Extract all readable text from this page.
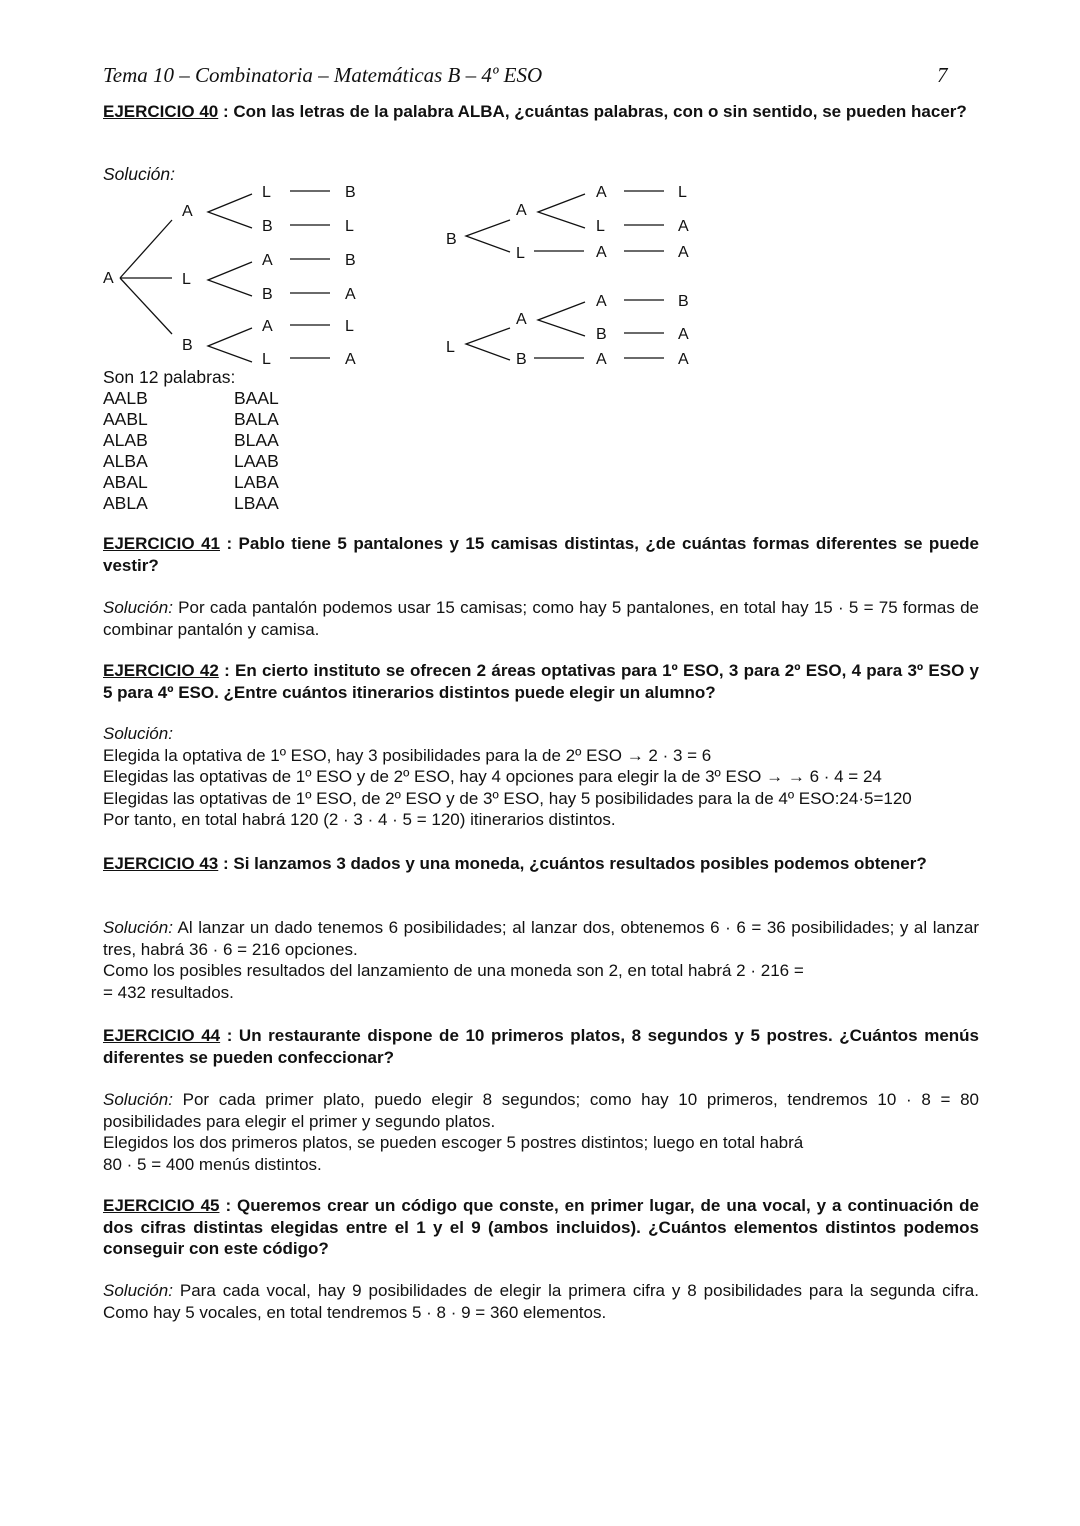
Tema 10 – Combinatoria – Matemáticas B – 4º ESO	7
EJERCICIO 40 : Con las letras de la palabra ALBA, ¿cuántas palabras, con o sin sentido, se pueden hacer?
Solución:
A
A
L
B
L
B
A
B
A
L
B
L
B
A
L
A
B
A
L
A
L
A
L
A
A
L
A
B
A
B
A
B
A
A
Son 12 palabras:
AALB
AABL
ALAB
ALBA
ABAL
ABLA
BAAL
BALA
BLAA
LAAB
LABA
LBAA
EJERCICIO 41 : Pablo tiene 5 pantalones y 15 camisas distintas, ¿de cuántas formas diferentes se puede vestir?
Solución: Por cada pantalón podemos usar 15 camisas; como hay 5 pantalones, en total hay 15 · 5 = 75 formas de combinar pantalón y camisa.
EJERCICIO 42 : En cierto instituto se ofrecen 2 áreas optativas para 1º ESO, 3 para 2º ESO, 4 para 3º ESO y 5 para 4º ESO. ¿Entre cuántos itinerarios distintos puede elegir un alumno?
Solución:
Elegida la optativa de 1º ESO, hay 3 posibilidades para la de 2º ESO → 2 · 3 = 6
Elegidas las optativas de 1º ESO y de 2º ESO, hay 4 opciones para elegir la de 3º ESO → → 6 · 4 = 24
Elegidas las optativas de 1º ESO, de 2º ESO y de 3º ESO, hay 5 posibilidades para la de 4º ESO:24·5=120
Por tanto, en total habrá 120 (2 · 3 · 4 · 5 = 120) itinerarios distintos.
EJERCICIO 43 : Si lanzamos 3 dados y una moneda, ¿cuántos resultados posibles podemos obtener?
Solución: Al lanzar un dado tenemos 6 posibilidades; al lanzar dos, obtenemos 6 · 6 = 36 posibilidades; y al lanzar tres, habrá 36 · 6 = 216 opciones.
Como los posibles resultados del lanzamiento de una moneda son 2, en total habrá 2 · 216 =
= 432 resultados.
EJERCICIO 44 : Un restaurante dispone de 10 primeros platos, 8 segundos y 5 postres. ¿Cuántos menús diferentes se pueden confeccionar?
Solución: Por cada primer plato, puedo elegir 8 segundos; como hay 10 primeros, tendremos 10 · 8 = 80 posibilidades para elegir el primer y segundo platos.
Elegidos los dos primeros platos, se pueden escoger 5 postres distintos; luego en total habrá
80 · 5 = 400 menús distintos.
EJERCICIO 45 : Queremos crear un código que conste, en primer lugar, de una vocal, y a continuación de dos cifras distintas elegidas entre el 1 y el 9 (ambos incluidos). ¿Cuántos elementos distintos podemos conseguir con este código?
Solución: Para cada vocal, hay 9 posibilidades de elegir la primera cifra y 8 posibilidades para la segunda cifra. Como hay 5 vocales, en total tendremos 5 · 8 · 9 = 360 elementos.
